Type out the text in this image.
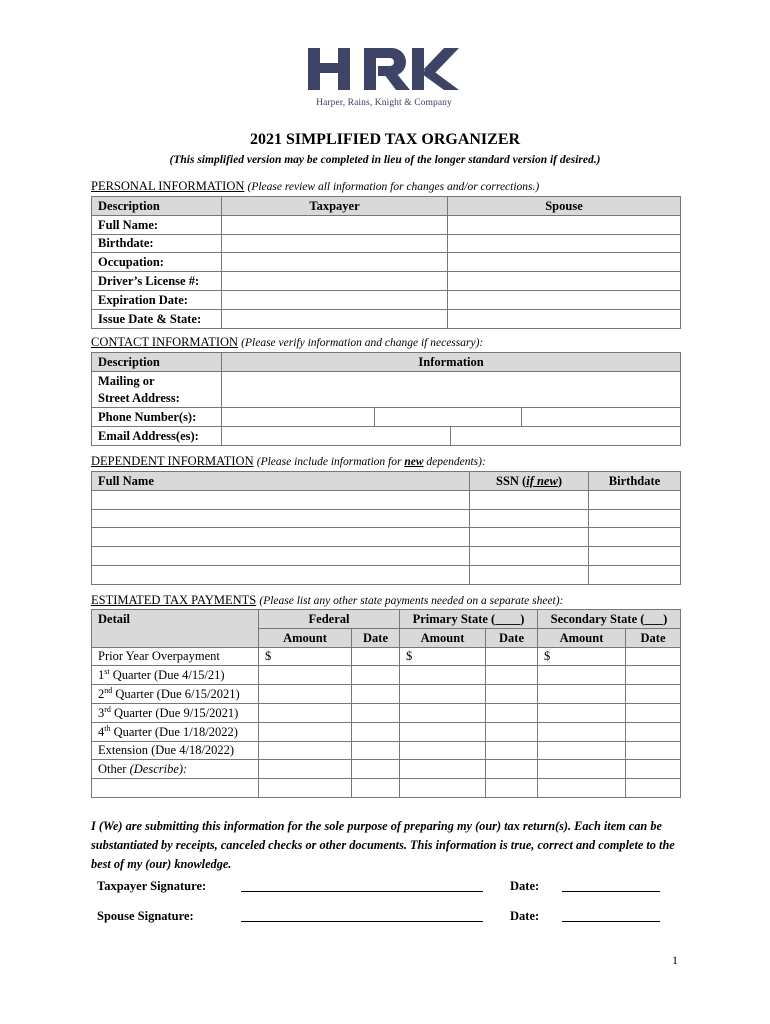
Harper, Rains, Knight & Company
2021 SIMPLIFIED TAX ORGANIZER
(This simplified version may be completed in lieu of the longer standard version if desired.)
PERSONAL INFORMATION (Please review all information for changes and/or corrections.)
Description	Taxpayer	Spouse
Full Name:		
Birthdate:		
Occupation:		
Driver’s License #:		
Expiration Date:		
Issue Date & State:		
CONTACT INFORMATION (Please verify information and change if necessary):
Description	Information			
Mailing or				
Street Address:				
Phone Number(s):				
Email Address(es):				
DEPENDENT INFORMATION (Please include information for new dependents):
Full Name	SSN (if new)	Birthdate

ESTIMATED TAX PAYMENTS (Please list any other state payments needed on a separate sheet):
Detail	Federal		Primary State (____)		Secondary State (___)	
	Amount	Date	Amount	Date	Amount	Date
Prior Year Overpayment	$		$		$	
1st Quarter (Due 4/15/21)						
2nd Quarter (Due 6/15/2021)						
3rd Quarter (Due 9/15/2021)						
4th Quarter (Due 1/18/2022)						
Extension (Due 4/18/2022)						
Other (Describe):						

I (We) are submitting this information for the sole purpose of preparing my (our) tax return(s). Each item can be substantiated by receipts, canceled checks or other documents. This information is true, correct and complete to the best of my (our) knowledge.
Taxpayer Signature:	Date:
Spouse Signature:	Date:
1
